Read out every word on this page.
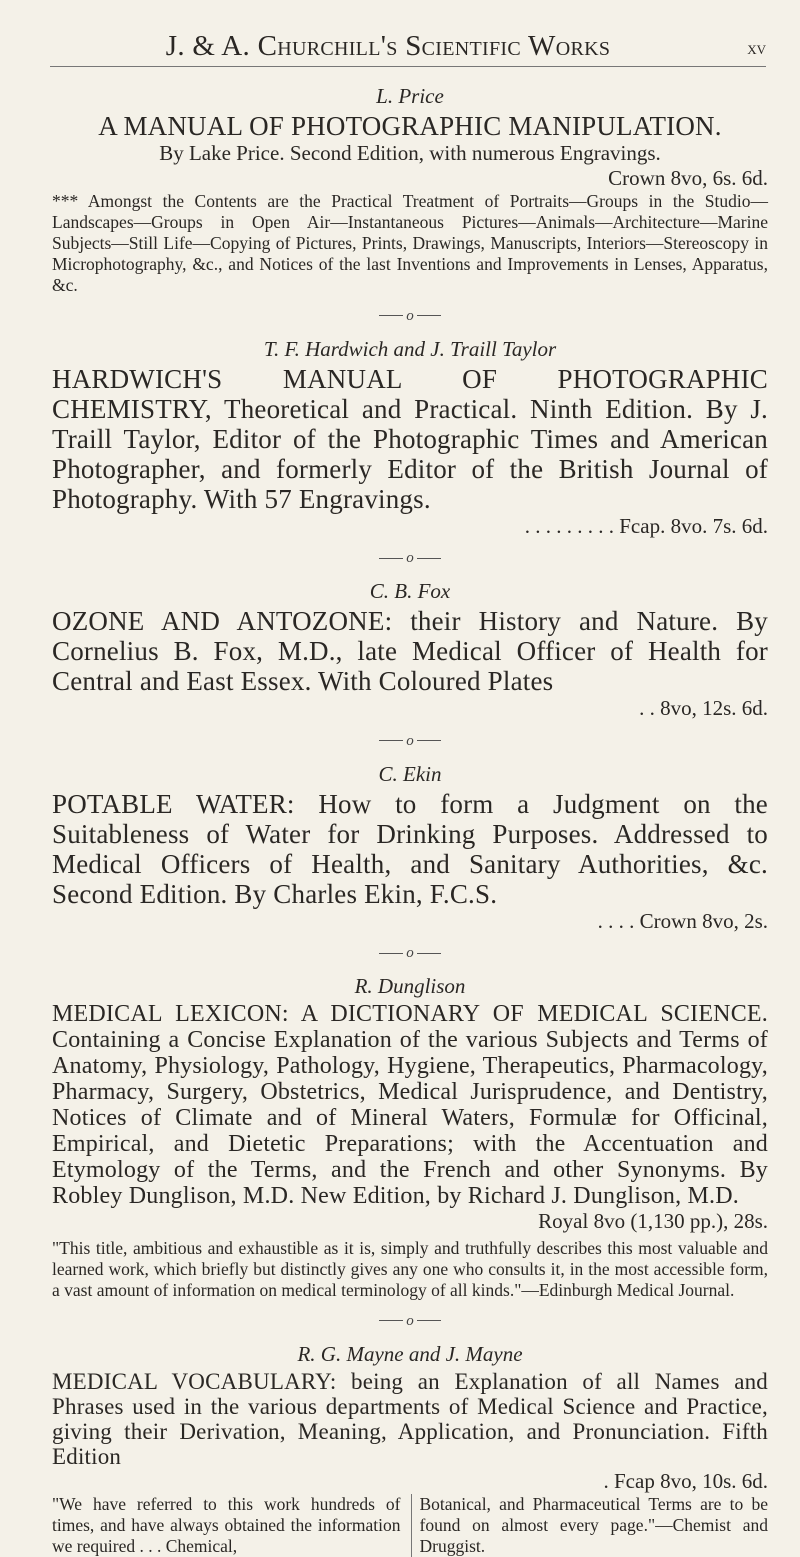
J. & A. Churchill's Scientific Works	xv
L. Price
A MANUAL OF PHOTOGRAPHIC MANIPULATION.
By Lake Price. Second Edition, with numerous Engravings.
Crown 8vo, 6s. 6d.
*** Amongst the Contents are the Practical Treatment of Portraits—Groups in the Studio—Landscapes—Groups in Open Air—Instantaneous Pictures—Animals—Architecture—Marine Subjects—Still Life—Copying of Pictures, Prints, Drawings, Manuscripts, Interiors—Stereoscopy in Microphotography, &c., and Notices of the last Inventions and Improvements in Lenses, Apparatus, &c.
o
T. F. Hardwich and J. Traill Taylor
HARDWICH'S MANUAL OF PHOTOGRAPHIC CHEMISTRY, Theoretical and Practical. Ninth Edition. By J. Traill Taylor, Editor of the Photographic Times and American Photographer, and formerly Editor of the British Journal of Photography. With 57 Engravings.
. . . . . . . . . Fcap. 8vo. 7s. 6d.
o
C. B. Fox
OZONE AND ANTOZONE: their History and Nature. By Cornelius B. Fox, M.D., late Medical Officer of Health for Central and East Essex. With Coloured Plates
. . 8vo, 12s. 6d.
o
C. Ekin
POTABLE WATER: How to form a Judgment on the Suitableness of Water for Drinking Purposes. Addressed to Medical Officers of Health, and Sanitary Authorities, &c. Second Edition. By Charles Ekin, F.C.S.
. . . . Crown 8vo, 2s.
o
R. Dunglison
MEDICAL LEXICON: A DICTIONARY OF MEDICAL SCIENCE. Containing a Concise Explanation of the various Subjects and Terms of Anatomy, Physiology, Pathology, Hygiene, Therapeutics, Pharmacology, Pharmacy, Surgery, Obstetrics, Medical Jurisprudence, and Dentistry, Notices of Climate and of Mineral Waters, Formulæ for Officinal, Empirical, and Dietetic Preparations; with the Accentuation and Etymology of the Terms, and the French and other Synonyms. By Robley Dunglison, M.D. New Edition, by Richard J. Dunglison, M.D.
Royal 8vo (1,130 pp.), 28s.
"This title, ambitious and exhaustible as it is, simply and truthfully describes this most valuable and learned work, which briefly but distinctly gives any one who consults it, in the most accessible form, a vast amount of information on medical terminology of all kinds."—Edinburgh Medical Journal.
o
R. G. Mayne and J. Mayne
MEDICAL VOCABULARY: being an Explanation of all Names and Phrases used in the various departments of Medical Science and Practice, giving their Derivation, Meaning, Application, and Pronunciation. Fifth Edition
. Fcap 8vo, 10s. 6d.
"We have referred to this work hundreds of times, and have always obtained the information we required . . . Chemical,
Botanical, and Pharmaceutical Terms are to be found on almost every page."—Chemist and Druggist.
